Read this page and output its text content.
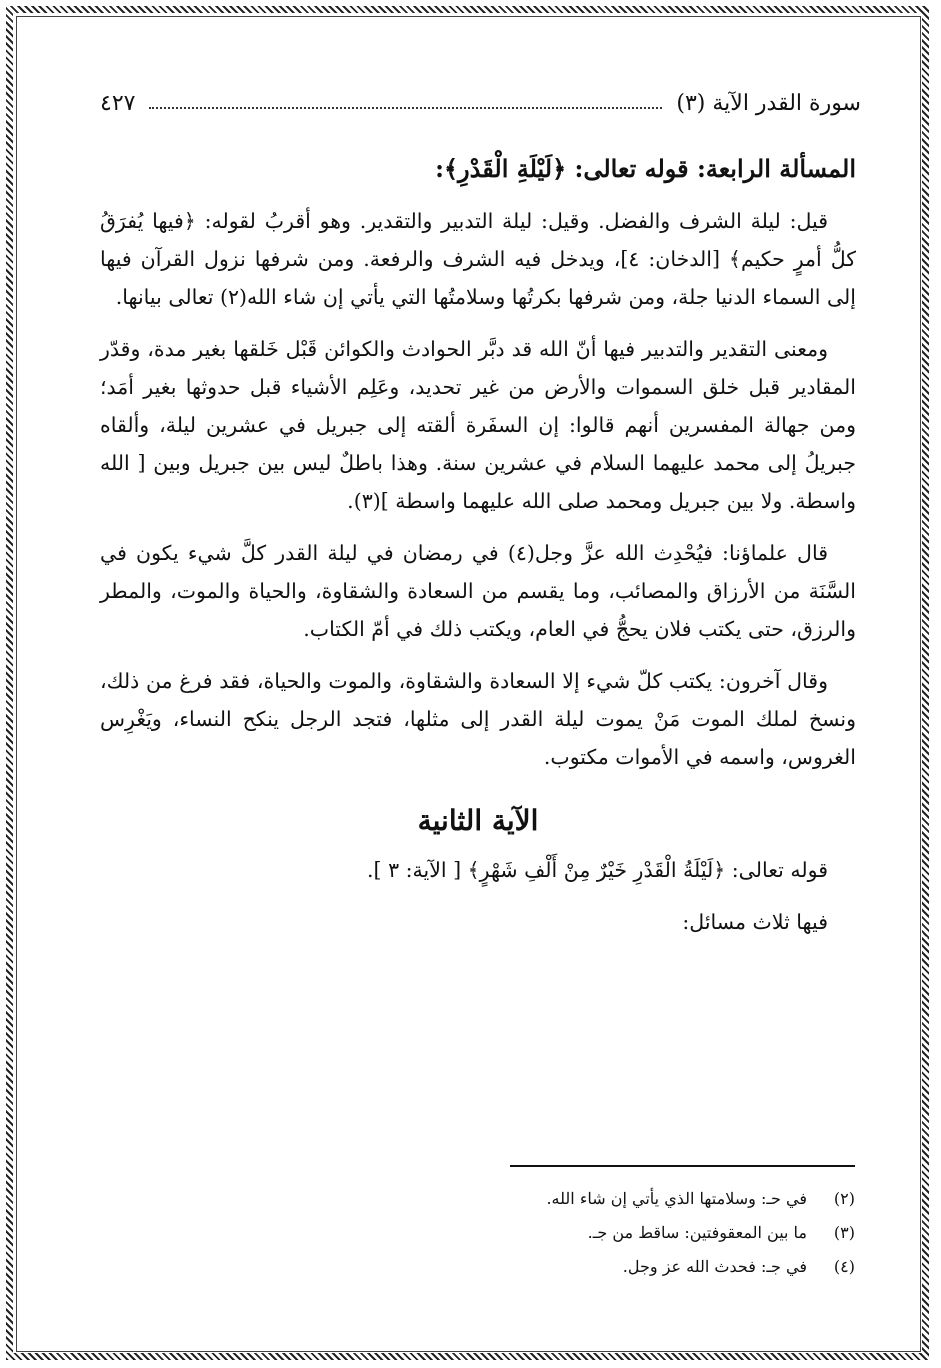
سورة القدر الآية (٣)
٤٢٧
المسألة الرابعة: قوله تعالى: ﴿لَيْلَةِ الْقَدْرِ﴾:

قيل: ليلة الشرف والفضل. وقيل: ليلة التدبير والتقدير. وهو أقربُ لقوله: ﴿فيها يُفرَقُ كلُّ أمرٍ حكيم﴾ [الدخان: ٤]، ويدخل فيه الشرف والرفعة. ومن شرفها نزول القرآن فيها إلى السماء الدنيا جلة، ومن شرفها بكرتُها وسلامتُها التي يأتي إن شاء الله(٢) تعالى بيانها.

ومعنى التقدير والتدبير فيها أنّ الله قد دبَّر الحوادث والكوائن قَبْل خَلقها بغير مدة، وقدّر المقادير قبل خلق السموات والأرض من غير تحديد، وعَلِم الأشياء قبل حدوثها بغير أمَد؛ ومن جهالة المفسرين أنهم قالوا: إن السفَرة ألقته إلى جبريل في عشرين ليلة، وألقاه جبريلُ إلى محمد عليهما السلام في عشرين سنة. وهذا باطلٌ ليس بين جبريل وبين [ الله واسطة. ولا بين جبريل ومحمد صلى الله عليهما واسطة ](٣).

قال علماؤنا: فيُحْدِث الله عزَّ وجل(٤) في رمضان في ليلة القدر كلَّ شيء يكون في السَّنَة من الأرزاق والمصائب، وما يقسم من السعادة والشقاوة، والحياة والموت، والمطر والرزق، حتى يكتب فلان يحجُّ في العام، ويكتب ذلك في أمّ الكتاب.

وقال آخرون: يكتب كلّ شيء إلا السعادة والشقاوة، والموت والحياة، فقد فرغ من ذلك، ونسخ لملك الموت مَنْ يموت ليلة القدر إلى مثلها، فتجد الرجل ينكح النساء، ويَغْرِس الغروس، واسمه في الأموات مكتوب.

الآية الثانية

قوله تعالى: ﴿لَيْلَةُ الْقَدْرِ خَيْرٌ مِنْ أَلْفِ شَهْرٍ﴾ [ الآية: ٣ ].

فيها ثلاث مسائل:

(٢)
في حـ: وسلامتها الذي يأتي إن شاء الله.
(٣)
ما بين المعقوفتين: ساقط من جـ.
(٤)
في جـ: فحدث الله عز وجل.
